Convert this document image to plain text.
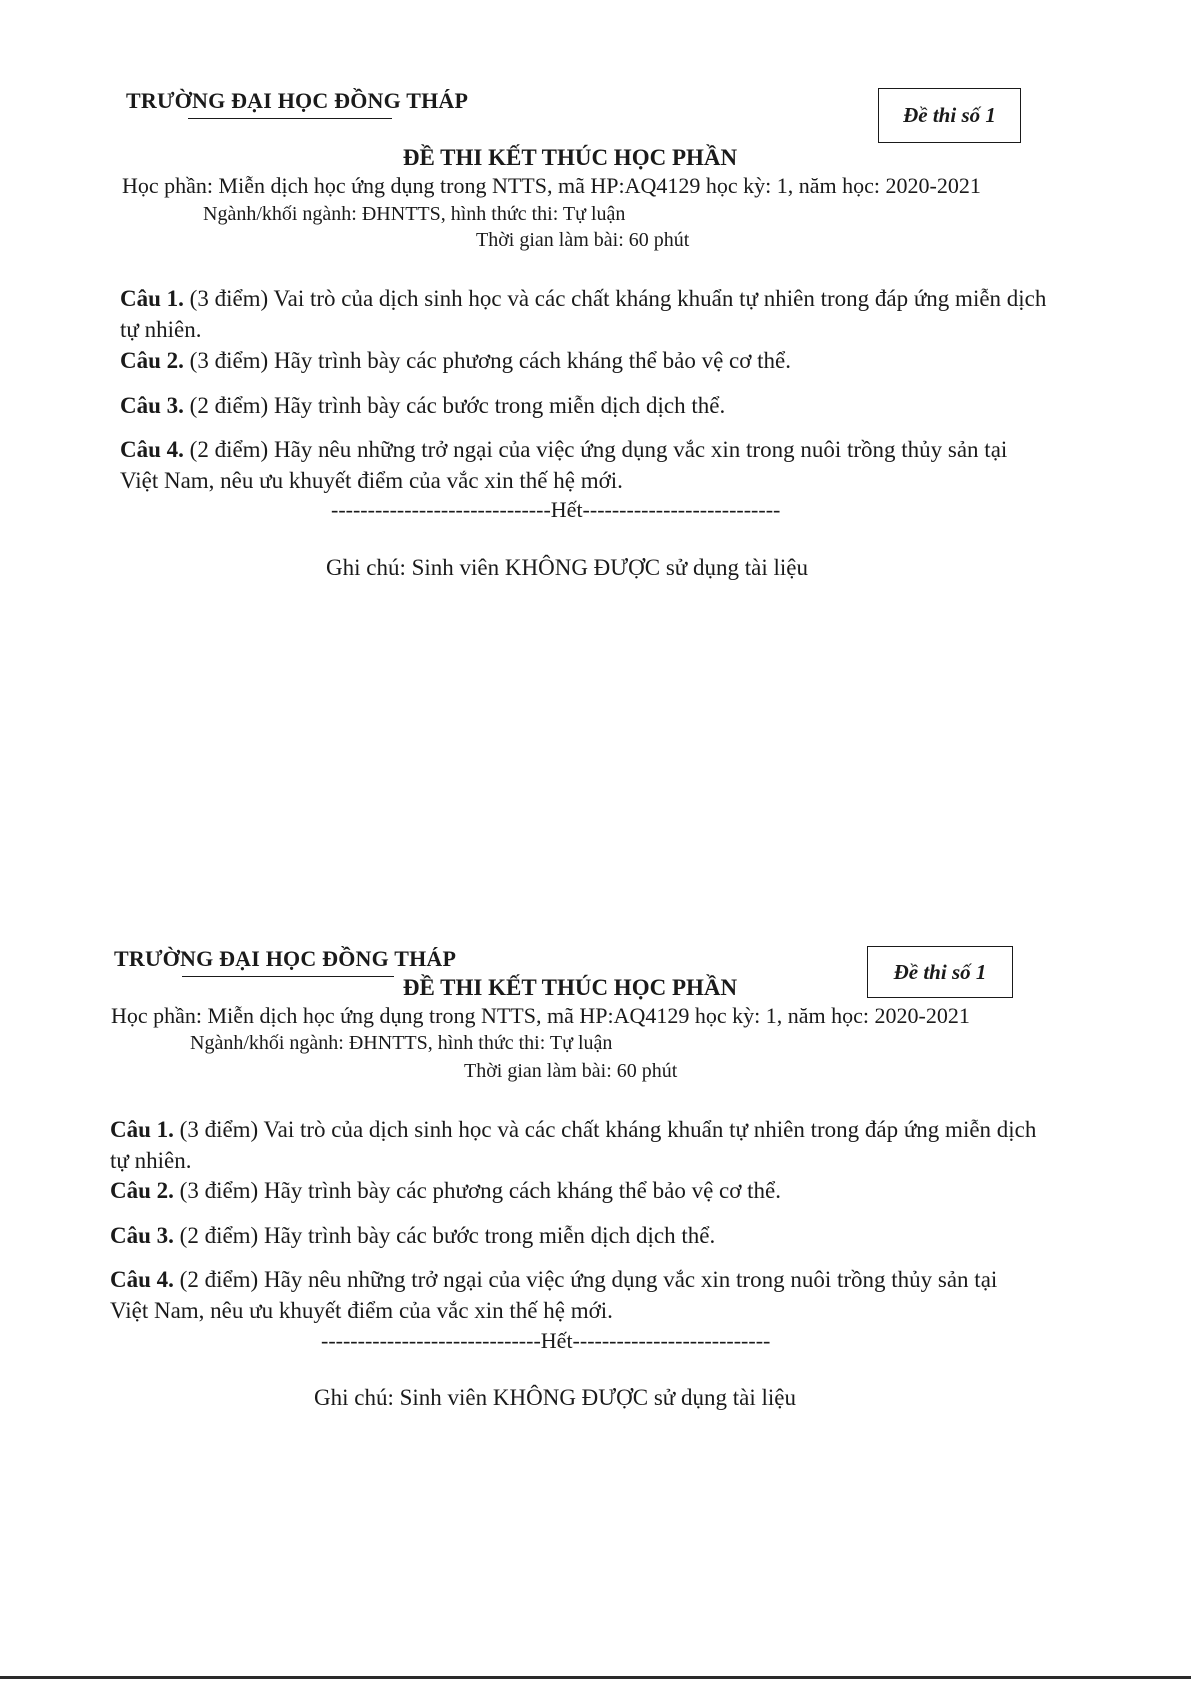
TRƯỜNG ĐẠI HỌC ĐỒNG THÁP
Đề thi số 1
ĐỀ THI KẾT THÚC HỌC PHẦN
Học phần: Miễn dịch học ứng dụng trong NTTS, mã HP:AQ4129 học kỳ: 1, năm học: 2020-2021
Ngành/khối ngành: ĐHNTTS, hình thức thi: Tự luận
Thời gian làm bài: 60 phút
Câu 1. (3 điểm) Vai trò của dịch sinh học và các chất kháng khuẩn tự nhiên trong đáp ứng miễn dịch tự nhiên.
Câu 2. (3 điểm) Hãy trình bày các phương cách kháng thể bảo vệ cơ thể.
Câu 3. (2 điểm) Hãy trình bày các bước trong miễn dịch dịch thể.
Câu 4. (2 điểm) Hãy nêu những trở ngại của việc ứng dụng vắc xin trong nuôi trồng thủy sản tại Việt Nam, nêu ưu khuyết điểm của vắc xin thế hệ mới.
------------------------------Hết---------------------------
Ghi chú: Sinh viên KHÔNG ĐƯỢC sử dụng tài liệu
TRƯỜNG ĐẠI HỌC ĐỒNG THÁP
Đề thi số 1
ĐỀ THI KẾT THÚC HỌC PHẦN
Học phần: Miễn dịch học ứng dụng trong NTTS, mã HP:AQ4129 học kỳ: 1, năm học: 2020-2021
Ngành/khối ngành: ĐHNTTS, hình thức thi: Tự luận
Thời gian làm bài: 60 phút
Câu 1. (3 điểm) Vai trò của dịch sinh học và các chất kháng khuẩn tự nhiên trong đáp ứng miễn dịch tự nhiên.
Câu 2. (3 điểm) Hãy trình bày các phương cách kháng thể bảo vệ cơ thể.
Câu 3. (2 điểm) Hãy trình bày các bước trong miễn dịch dịch thể.
Câu 4. (2 điểm) Hãy nêu những trở ngại của việc ứng dụng vắc xin trong nuôi trồng thủy sản tại Việt Nam, nêu ưu khuyết điểm của vắc xin thế hệ mới.
------------------------------Hết---------------------------
Ghi chú: Sinh viên KHÔNG ĐƯỢC sử dụng tài liệu
